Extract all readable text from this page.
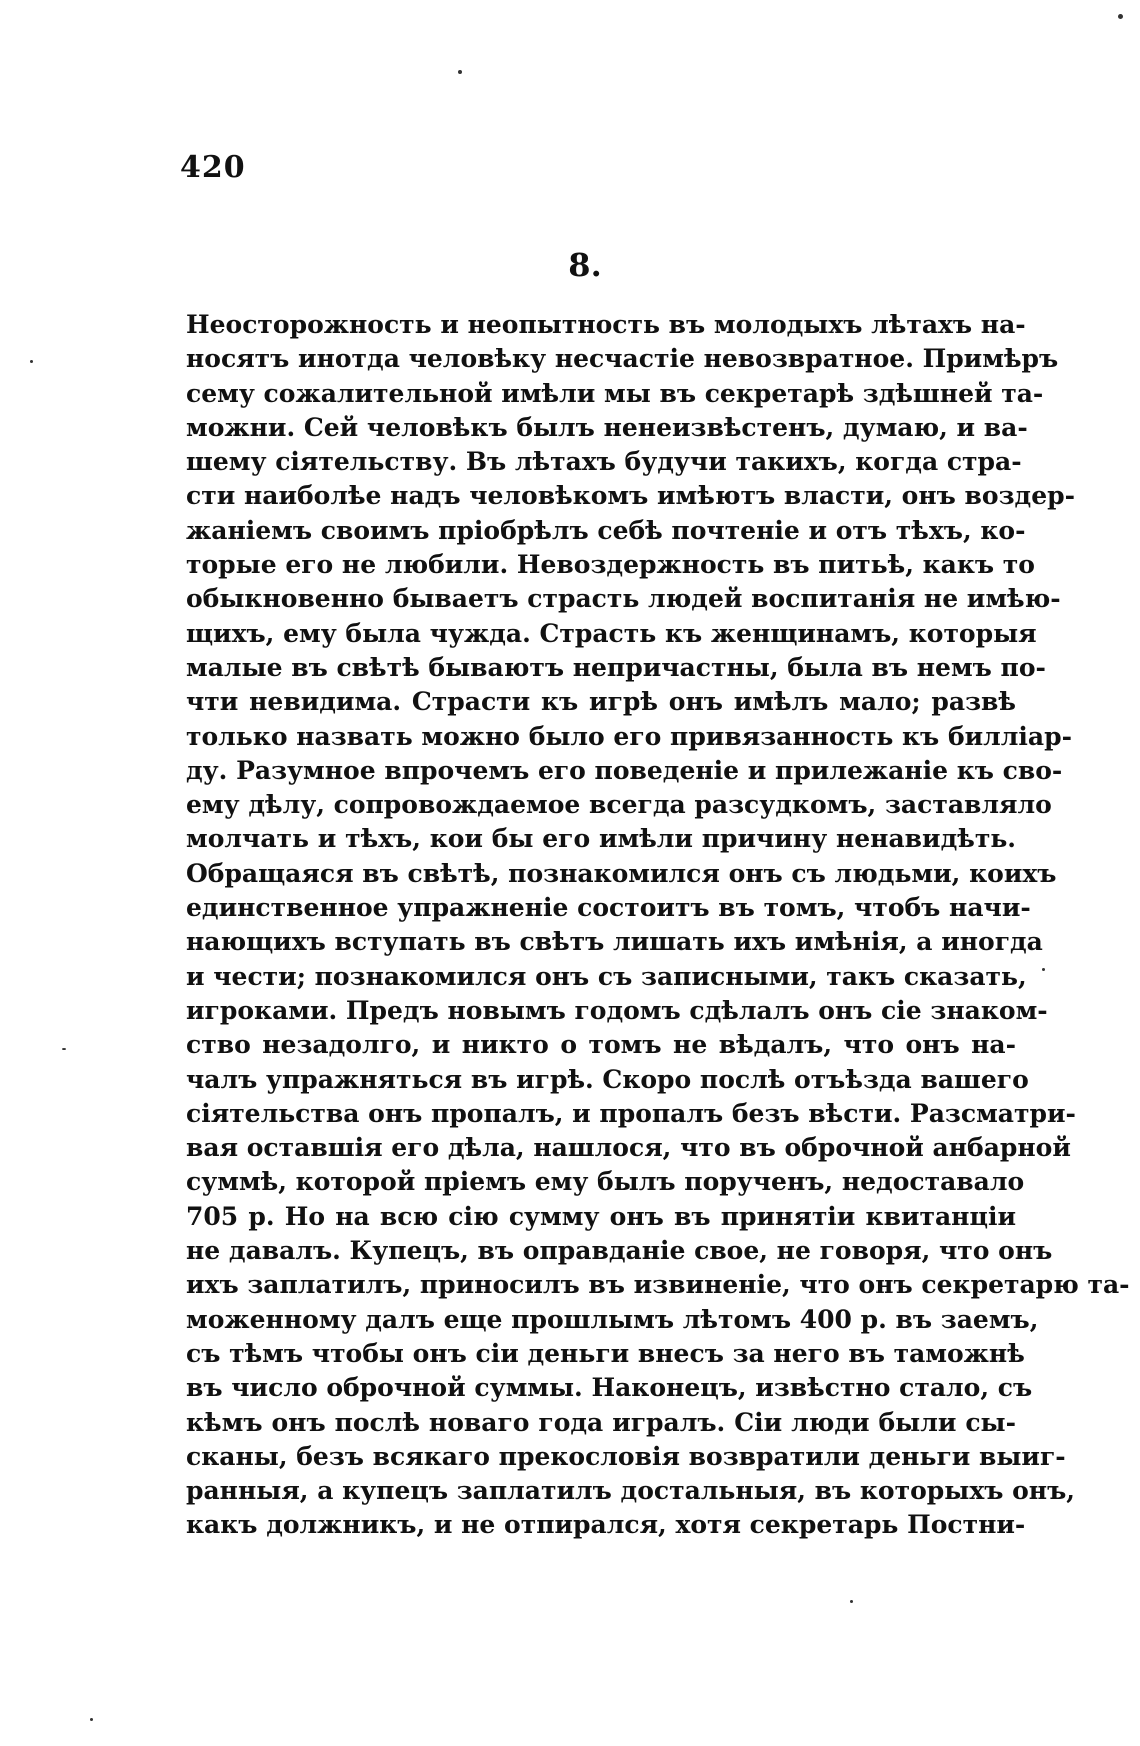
420
8.
Неосторожность и неопытность въ молодыхъ лѣтахъ на-
носятъ инотда человѣку несчастіе невозвратное. Примѣръ
сему сожалительной имѣли мы въ секретарѣ здѣшней та-
можни. Сей человѣкъ былъ ненеизвѣстенъ, думаю, и ва-
шему сіятельству. Въ лѣтахъ будучи такихъ, когда стра-
сти наиболѣе надъ человѣкомъ имѣютъ власти, онъ воздер-
жаніемъ своимъ пріобрѣлъ себѣ почтеніе и отъ тѣхъ, ко-
торые его не любили. Невоздержность въ питьѣ, какъ то
обыкновенно бываетъ страсть людей воспитанія не имѣю-
щихъ, ему была чужда. Страсть къ женщинамъ, которыя
малые въ свѣтѣ бываютъ непричастны, была въ немъ по-
чти невидима. Страсти къ игрѣ онъ имѣлъ мало; развѣ
только назвать можно было его привязанность къ билліар-
ду. Разумное впрочемъ его поведеніе и прилежаніе къ сво-
ему дѣлу, сопровождаемое всегда разсудкомъ, заставляло
молчать и тѣхъ, кои бы его имѣли причину ненавидѣть.
Обращаяся въ свѣтѣ, познакомился онъ съ людьми, коихъ
единственное упражненіе состоитъ въ томъ, чтобъ начи-
нающихъ вступать въ свѣтъ лишать ихъ имѣнія, а иногда
и чести; познакомился онъ съ записными, такъ сказать,
игроками. Предъ новымъ годомъ сдѣлалъ онъ сіе знаком-
ство незадолго, и никто о томъ не вѣдалъ, что онъ на-
чалъ упражняться въ игрѣ. Скоро послѣ отъѣзда вашего
сіятельства онъ пропалъ, и пропалъ безъ вѣсти. Разсматри-
вая оставшія его дѣла, нашлося, что въ оброчной анбарной
суммѣ, которой пріемъ ему былъ порученъ, недоставало
705 р. Но на всю сію сумму онъ въ принятіи квитанціи
не давалъ. Купецъ, въ оправданіе свое, не говоря, что онъ
ихъ заплатилъ, приносилъ въ извиненіе, что онъ секретарю та-
моженному далъ еще прошлымъ лѣтомъ 400 р. въ заемъ,
съ тѣмъ чтобы онъ сіи деньги внесъ за него въ таможнѣ
въ число оброчной суммы. Наконецъ, извѣстно стало, съ
кѣмъ онъ послѣ новаго года игралъ. Сіи люди были сы-
сканы, безъ всякаго прекословія возвратили деньги выиг-
ранныя, а купецъ заплатилъ достальныя, въ которыхъ онъ,
какъ должникъ, и не отпирался, хотя секретарь Постни-
